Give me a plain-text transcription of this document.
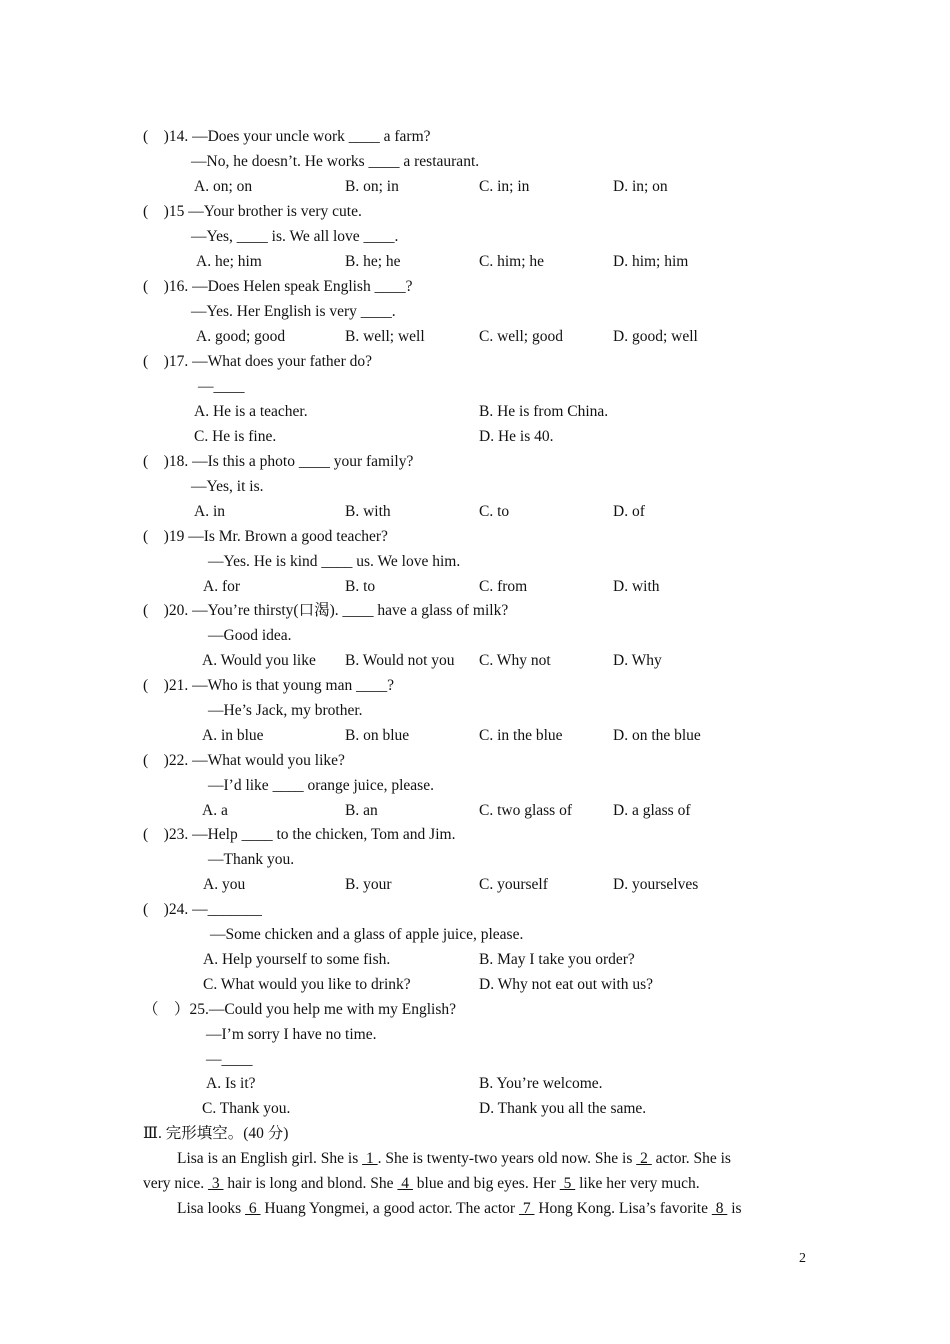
(    )14. —Does your uncle work ____ a farm?
—No, he doesn’t. He works ____ a restaurant.
A. on; on	B. on; in	C. in; in	D. in; on
(    )15 —Your brother is very cute.
—Yes, ____ is. We all love ____.
A. he; him	B. he; he	C. him; he	D. him; him
(    )16. —Does Helen speak English ____?
—Yes. Her English is very ____.
A. good; good	B. well; well	C. well; good	D. good; well
(    )17. —What does your father do?
—____
A. He is a teacher.	B. He is from China.
C. He is fine.	D. He is 40.
(    )18. —Is this a photo ____ your family?
—Yes, it is.
A. in	B. with	C. to	D. of
(    )19 —Is Mr. Brown a good teacher?
—Yes. He is kind ____ us. We love him.
A. for	B. to	C. from	D. with
(    )20. —You’re thirsty(口渴). ____ have a glass of milk?
—Good idea.
A. Would you like B. Would not you C. Why not	D. Why
(    )21. —Who is that young man ____?
—He’s Jack, my brother.
A. in blue	B. on blue	C. in the blue	D. on the blue
(    )22. —What would you like?
—I’d like ____ orange juice, please.
A. a	B. an	C. two glass of	D. a glass of
(    )23. —Help ____ to the chicken, Tom and Jim.
—Thank you.
A. you	B. your	C. yourself	D. yourselves
(    )24. —_______
—Some chicken and a glass of apple juice, please.
A. Help yourself to some fish.	B. May I take you order?
C. What would you like to drink?	D. Why not eat out with us?
（    ）25.—Could you help me with my English?
—I’m sorry I have no time.
—____
A. Is it?	B. You’re welcome.
C. Thank you.	D. Thank you all the same.
Ⅲ. 完形填空。(40 分)
Lisa is an English girl. She is  1 . She is twenty-two years old now. She is  2  actor. She is
very nice.  3  hair is long and blond. She  4  blue and big eyes. Her  5  like her very much.
Lisa looks  6  Huang Yongmei, a good actor. The actor  7  Hong Kong. Lisa’s favorite  8  is
2
